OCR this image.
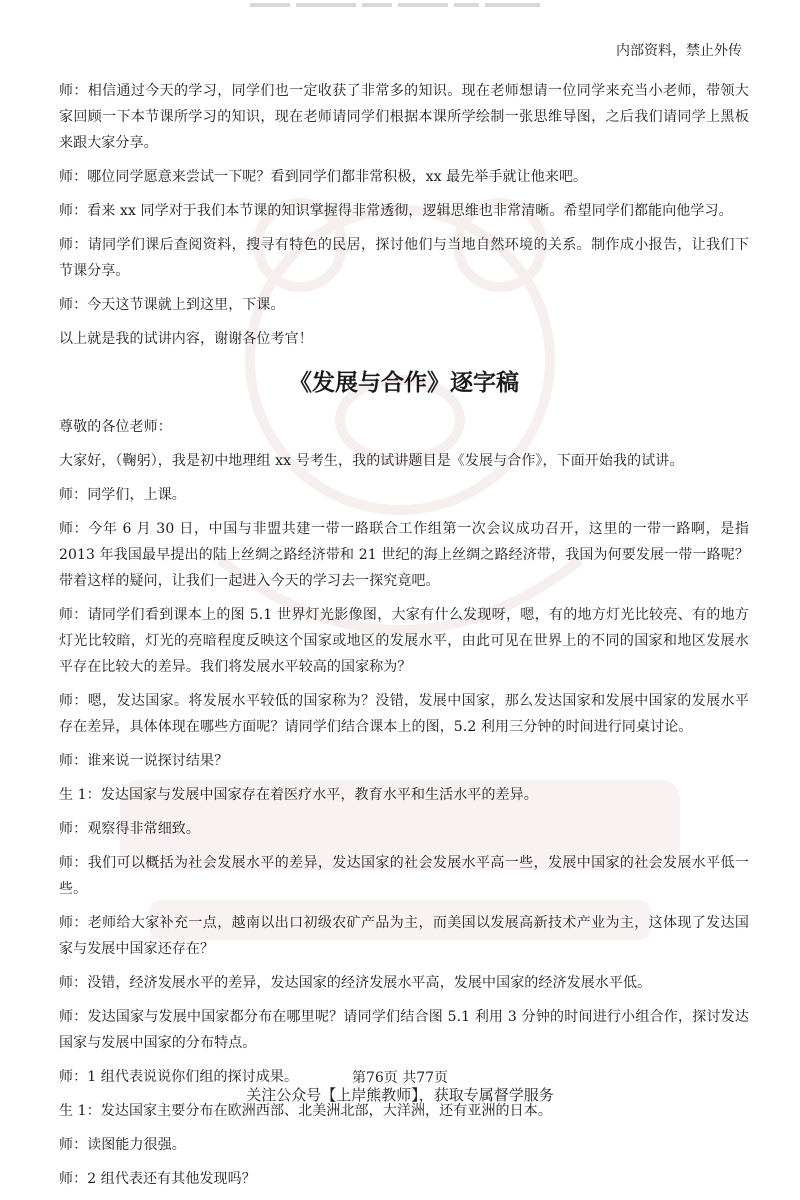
内部资料，禁止外传

师：相信通过今天的学习，同学们也一定收获了非常多的知识。现在老师想请一位同学来充当小老师，带领大家回顾一下本节课所学习的知识，现在老师请同学们根据本课所学绘制一张思维导图，之后我们请同学上黑板来跟大家分享。

师：哪位同学愿意来尝试一下呢？看到同学们都非常积极，xx 最先举手就让他来吧。

师：看来 xx 同学对于我们本节课的知识掌握得非常透彻，逻辑思维也非常清晰。希望同学们都能向他学习。

师：请同学们课后查阅资料，搜寻有特色的民居，探讨他们与当地自然环境的关系。制作成小报告，让我们下节课分享。

师：今天这节课就上到这里，下课。

以上就是我的试讲内容，谢谢各位考官！

《发展与合作》逐字稿

尊敬的各位老师：

大家好，（鞠躬），我是初中地理组 xx 号考生，我的试讲题目是《发展与合作》，下面开始我的试讲。

师：同学们，上课。

师：今年 6 月 30 日，中国与非盟共建一带一路联合工作组第一次会议成功召开，这里的一带一路啊，是指 2013 年我国最早提出的陆上丝绸之路经济带和 21 世纪的海上丝绸之路经济带，我国为何要发展一带一路呢？带着这样的疑问，让我们一起进入今天的学习去一探究竟吧。

师：请同学们看到课本上的图 5.1 世界灯光影像图，大家有什么发现呀，嗯，有的地方灯光比较亮、有的地方灯光比较暗，灯光的亮暗程度反映这个国家或地区的发展水平，由此可见在世界上的不同的国家和地区发展水平存在比较大的差异。我们将发展水平较高的国家称为？

师：嗯，发达国家。将发展水平较低的国家称为？没错，发展中国家，那么发达国家和发展中国家的发展水平存在差异，具体体现在哪些方面呢？请同学们结合课本上的图，5.2 利用三分钟的时间进行同桌讨论。

师：谁来说一说探讨结果？

生 1：发达国家与发展中国家存在着医疗水平，教育水平和生活水平的差异。

师：观察得非常细致。

师：我们可以概括为社会发展水平的差异，发达国家的社会发展水平高一些，发展中国家的社会发展水平低一些。

师：老师给大家补充一点，越南以出口初级农矿产品为主，而美国以发展高新技术产业为主，这体现了发达国家与发展中国家还存在？

师：没错，经济发展水平的差异，发达国家的经济发展水平高，发展中国家的经济发展水平低。

师：发达国家与发展中国家都分布在哪里呢？请同学们结合图 5.1 利用 3 分钟的时间进行小组合作，探讨发达国家与发展中国家的分布特点。

师：1 组代表说说你们组的探讨成果。

生 1：发达国家主要分布在欧洲西部、北美洲北部，大洋洲，还有亚洲的日本。

师：读图能力很强。

师：2 组代表还有其他发现吗？

第76页 共77页
关注公众号【上岸熊教师】，获取专属督学服务
